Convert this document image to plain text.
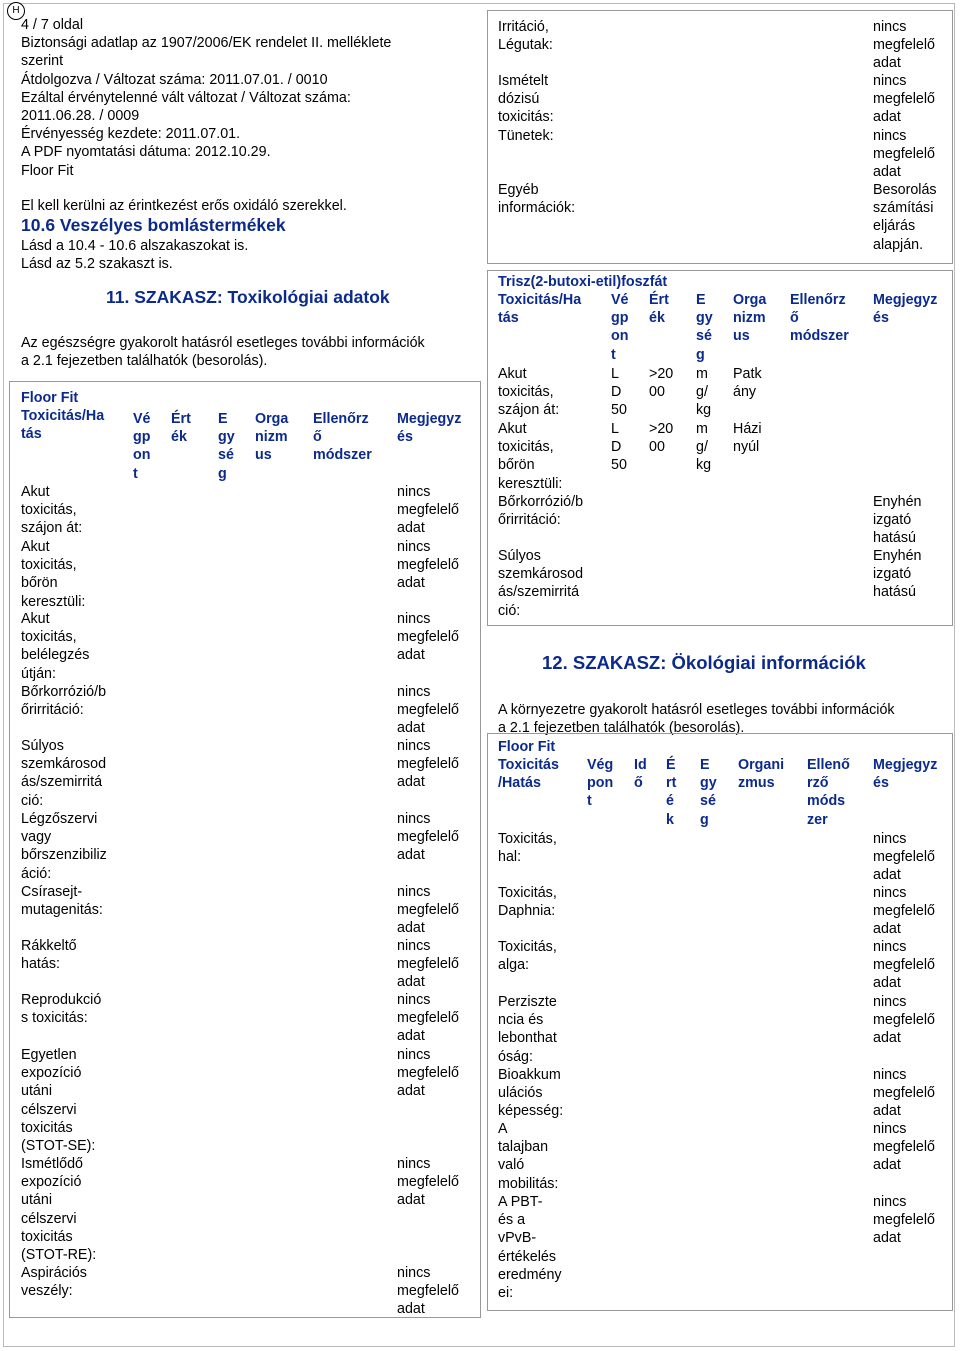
H
4 / 7 oldal
Biztonsági adatlap az 1907/2006/EK rendelet II. melléklete
szerint
Átdolgozva / Változat száma: 2011.07.01. / 0010
Ezáltal érvénytelenné vált változat / Változat száma:
2011.06.28. / 0009
Érvényesség kezdete: 2011.07.01.
A PDF nyomtatási dátuma: 2012.10.29.
Floor Fit
El kell kerülni az érintkezést erős oxidáló szerekkel.
10.6 Veszélyes bomlástermékek
Lásd a 10.4 - 10.6 alszakaszokat is.
Lásd az 5.2 szakaszt is.
11. SZAKASZ: Toxikológiai adatok
Az egészségre gyakorolt hatásról esetleges további információk
a 2.1 fejezetben találhatók (besorolás).
Floor Fit
Toxicitás/Ha
tás
Vé
gp
on
t
Ért
ék
E
gy
sé
g
Orga
nizm
us
Ellenőrz
ő
módszer
Megjegyz
és
Akut
toxicitás,
szájon át:
nincs
megfelelő
adat
Akut
toxicitás,
bőrön
keresztüli:
nincs
megfelelő
adat
Akut
toxicitás,
belélegzés
útján:
nincs
megfelelő
adat
Bőrkorrózió/b
őrirritáció:
nincs
megfelelő
adat
Súlyos
szemkárosod
ás/szemirritá
ció:
nincs
megfelelő
adat
Légzőszervi
vagy
bőrszenzibiliz
áció:
nincs
megfelelő
adat
Csírasejt-
mutagenitás:
nincs
megfelelő
adat
Rákkeltő
hatás:
nincs
megfelelő
adat
Reprodukció
s toxicitás:
nincs
megfelelő
adat
Egyetlen
expozíció
utáni
célszervi
toxicitás
(STOT-SE):
nincs
megfelelő
adat
Ismétlődő
expozíció
utáni
célszervi
toxicitás
(STOT-RE):
nincs
megfelelő
adat
Aspirációs
veszély:
nincs
megfelelő
adat
Irritáció,
Légutak:
nincs
megfelelő
adat
Ismételt
dózisú
toxicitás:
nincs
megfelelő
adat
Tünetek:	nincs
megfelelő
adat
Egyéb
információk:
Besorolás
számítási
eljárás
alapján.
Trisz(2-butoxi-etil)foszfát
Toxicitás/Ha
tás
Vé
gp
on
t
Ért
ék
E
gy
sé
g
Orga
nizm
us
Ellenőrz
ő
módszer
Megjegyz
és
Akut
toxicitás,
szájon át:
L
D
50
>20
00
m
g/
kg
Patk
ány
Akut
toxicitás,
bőrön
keresztüli:
L
D
50
>20
00
m
g/
kg
Házi
nyúl
Bőrkorrózió/b
őrirritáció:
Enyhén
izgató
hatású
Súlyos
szemkárosod
ás/szemirritá
ció:
Enyhén
izgató
hatású
12. SZAKASZ: Ökológiai információk
A környezetre gyakorolt hatásról esetleges további információk
a 2.1 fejezetben találhatók (besorolás).
Floor Fit
Toxicitás
/Hatás
Vég
pon
t
Id
ő
É
rt
é
k
E
gy
sé
g
Organi
zmus
Ellenő
rző
móds
zer
Megjegyz
és
Toxicitás,
hal:
nincs
megfelelő
adat
Toxicitás,
Daphnia:
nincs
megfelelő
adat
Toxicitás,
alga:
nincs
megfelelő
adat
Perziszte
ncia és
lebonthat
óság:
nincs
megfelelő
adat
Bioakkum
ulációs
képesség:
nincs
megfelelő
adat
A
talajban
való
mobilitás:
nincs
megfelelő
adat
A PBT-
és a
vPvB-
értékelés
eredmény
ei:
nincs
megfelelő
adat
